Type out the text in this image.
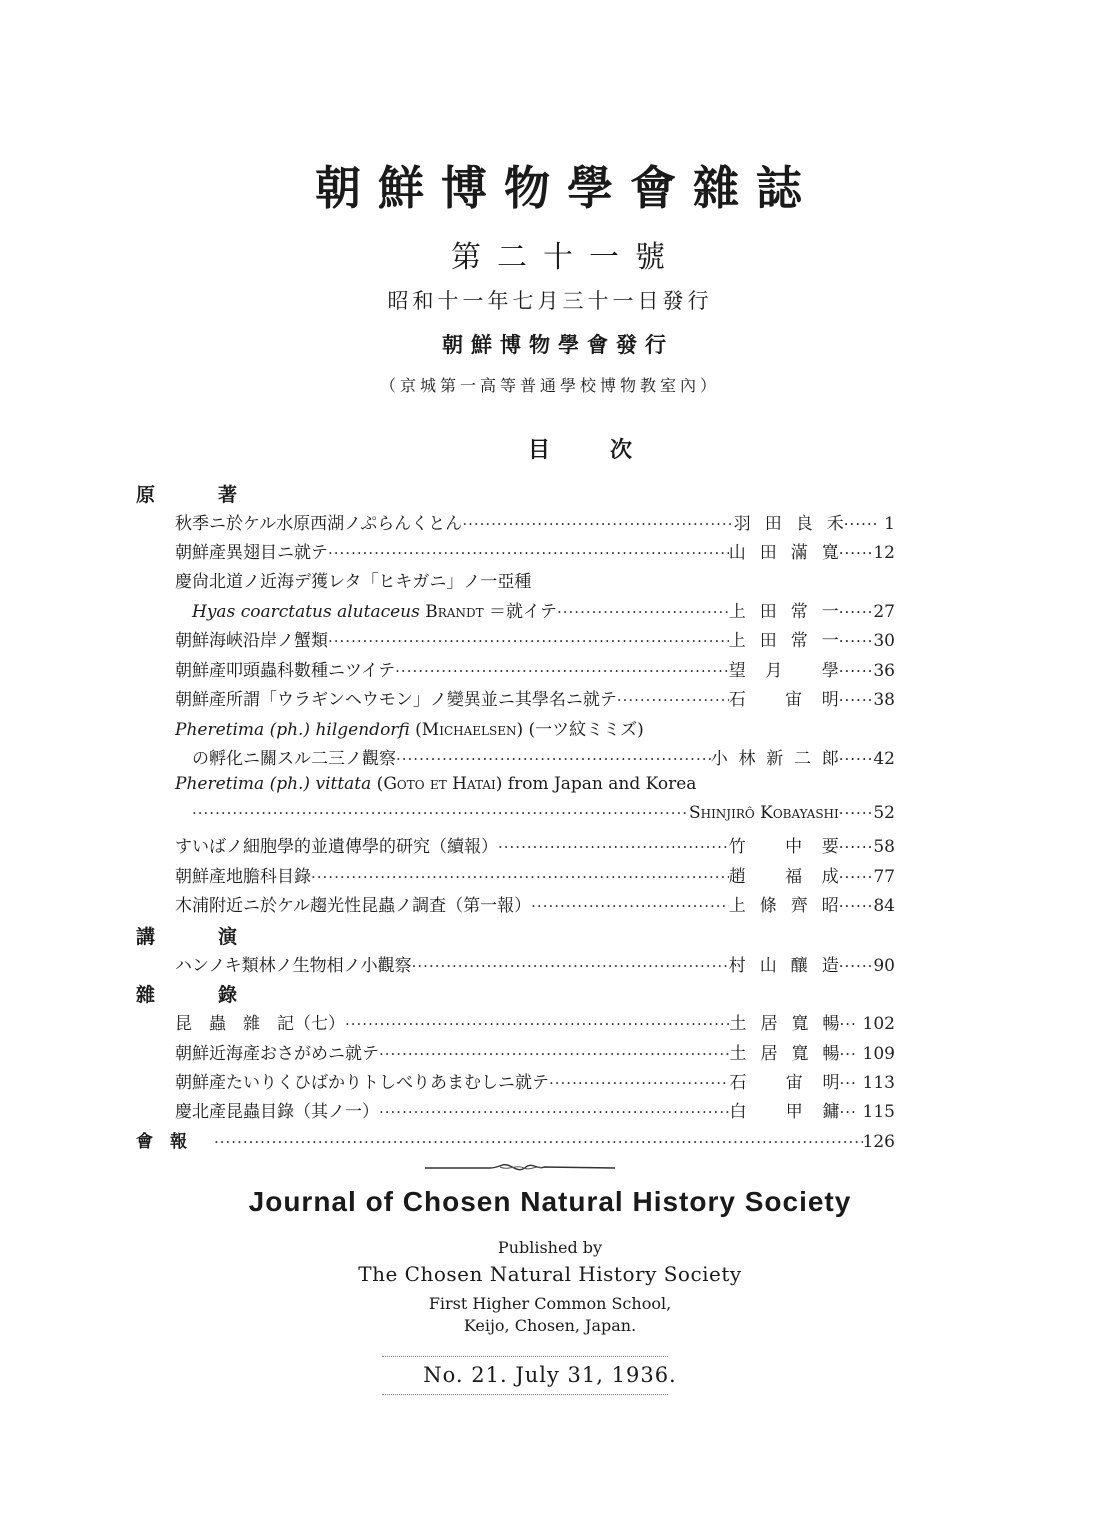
朝鮮博物學會雜誌
第二十一號
昭和十一年七月三十一日發行
朝鮮博物學會發行
（京城第一高等普通學校博物教室內）
目次
原	著
秋季ニ於ケル水原西湖ノぷらんくとん ·····	羽 田 良 禾 ······ 1
朝鮮產異翅目ニ就テ ·····	山 田 滿 寬 ······12
慶尙北道ノ近海デ獲レタ「ヒキガニ」ノ一亞種
Hyas coarctatus alutaceus Brandt ＝就イテ ·····	上 田 常 一 ······27
朝鮮海峽沿岸ノ蟹類 ·····	上 田 常 一 ······30
朝鮮產叩頭蟲科數種ニツイテ ·····	望 月 學 ······36
朝鮮產所謂「ウラギンヘウモン」ノ變異並ニ其學名ニ就テ ·····	石 宙 明 ······38
Pheretima (ph.) hilgendorfi (Michaelsen) (一ツ紋ミミズ)
の孵化ニ關スル二三ノ觀察 ·····	小 林 新 二 郞 ······42
Pheretima (ph.) vittata (Goto et Hatai) from Japan and Korea
·····
Shinjirô Kobayashi ······52
すいばノ細胞學的並遺傳學的研究（續報） ·····	竹 中 要 ······58
朝鮮產地膽科目錄 ·····	趙 福 成 ······77
木浦附近ニ於ケル趨光性昆蟲ノ調査（第一報） ·····	上 條 齊 昭 ······84
講	演
ハンノキ類林ノ生物相ノ小觀察 ·····	村 山 釀 造 ······90
雜	錄
昆　蟲　雜　記（七） ·····	土 居 寬 暢 ··· 102
朝鮮近海產おさがめニ就テ ·····	土 居 寬 暢 ··· 109
朝鮮產たいりくひばかりトしべりあまむしニ就テ ·····	石 宙 明 ··· 113
慶北產昆蟲目錄（其ノ一） ·····	白 甲 鏞 ··· 115
會　報 ·····	126
Journal of Chosen Natural History Society
Published by
The Chosen Natural History Society
First Higher Common School,
Keijo, Chosen, Japan.
No. 21. July 31, 1936.
